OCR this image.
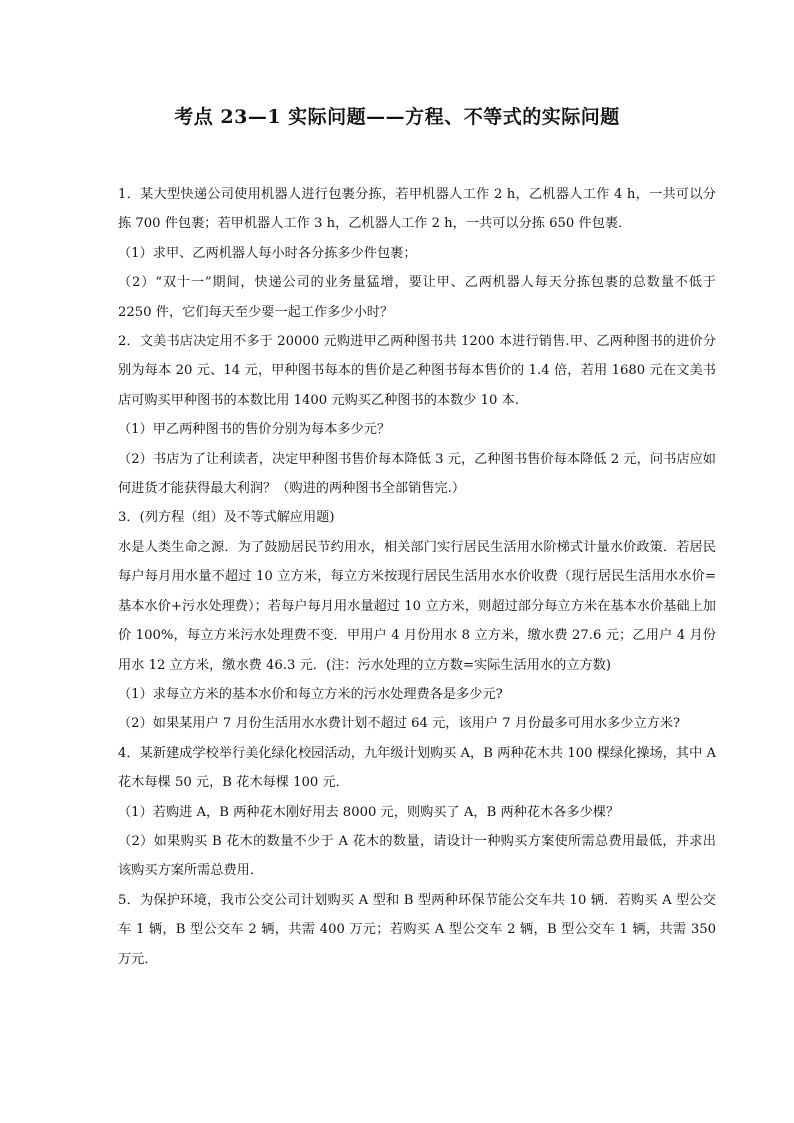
考点 23—1 实际问题——方程、不等式的实际问题

1．某大型快递公司使用机器人进行包裹分拣，若甲机器人工作 2 h，乙机器人工作 4 h，一共可以分拣 700 件包裹；若甲机器人工作 3 h，乙机器人工作 2 h，一共可以分拣 650 件包裹．

（1）求甲、乙两机器人每小时各分拣多少件包裹；

（2）“双十一”期间，快递公司的业务量猛增，要让甲、乙两机器人每天分拣包裹的总数量不低于 2250 件，它们每天至少要一起工作多少小时？

2．文美书店决定用不多于 20000 元购进甲乙两种图书共 1200 本进行销售.甲、乙两种图书的进价分别为每本 20 元、14 元，甲种图书每本的售价是乙种图书每本售价的 1.4 倍，若用 1680 元在文美书店可购买甲种图书的本数比用 1400 元购买乙种图书的本数少 10 本.

（1）甲乙两种图书的售价分别为每本多少元？

（2）书店为了让利读者，决定甲种图书售价每本降低 3 元，乙种图书售价每本降低 2 元，问书店应如何进货才能获得最大利润？（购进的两种图书全部销售完.）

3．(列方程（组）及不等式解应用题)

水是人类生命之源．为了鼓励居民节约用水，相关部门实行居民生活用水阶梯式计量水价政策．若居民每户每月用水量不超过 10 立方米，每立方米按现行居民生活用水水价收费（现行居民生活用水水价=基本水价+污水处理费）；若每户每月用水量超过 10 立方米，则超过部分每立方米在基本水价基础上加价 100%，每立方米污水处理费不变．甲用户 4 月份用水 8 立方米，缴水费 27.6 元；乙用户 4 月份用水 12 立方米，缴水费 46.3 元．(注：污水处理的立方数=实际生活用水的立方数)

（1）求每立方米的基本水价和每立方米的污水处理费各是多少元?

（2）如果某用户 7 月份生活用水水费计划不超过 64 元，该用户 7 月份最多可用水多少立方米?

4．某新建成学校举行美化绿化校园活动，九年级计划购买 A，B 两种花木共 100 棵绿化操场，其中 A 花木每棵 50 元，B 花木每棵 100 元．

（1）若购进 A，B 两种花木刚好用去 8000 元，则购买了 A，B 两种花木各多少棵？

（2）如果购买 B 花木的数量不少于 A 花木的数量，请设计一种购买方案使所需总费用最低，并求出该购买方案所需总费用．

5．为保护环境，我市公交公司计划购买 A 型和 B 型两种环保节能公交车共 10 辆．若购买 A 型公交车 1 辆，B 型公交车 2 辆，共需 400 万元；若购买 A 型公交车 2 辆，B 型公交车 1 辆，共需 350 万元．
